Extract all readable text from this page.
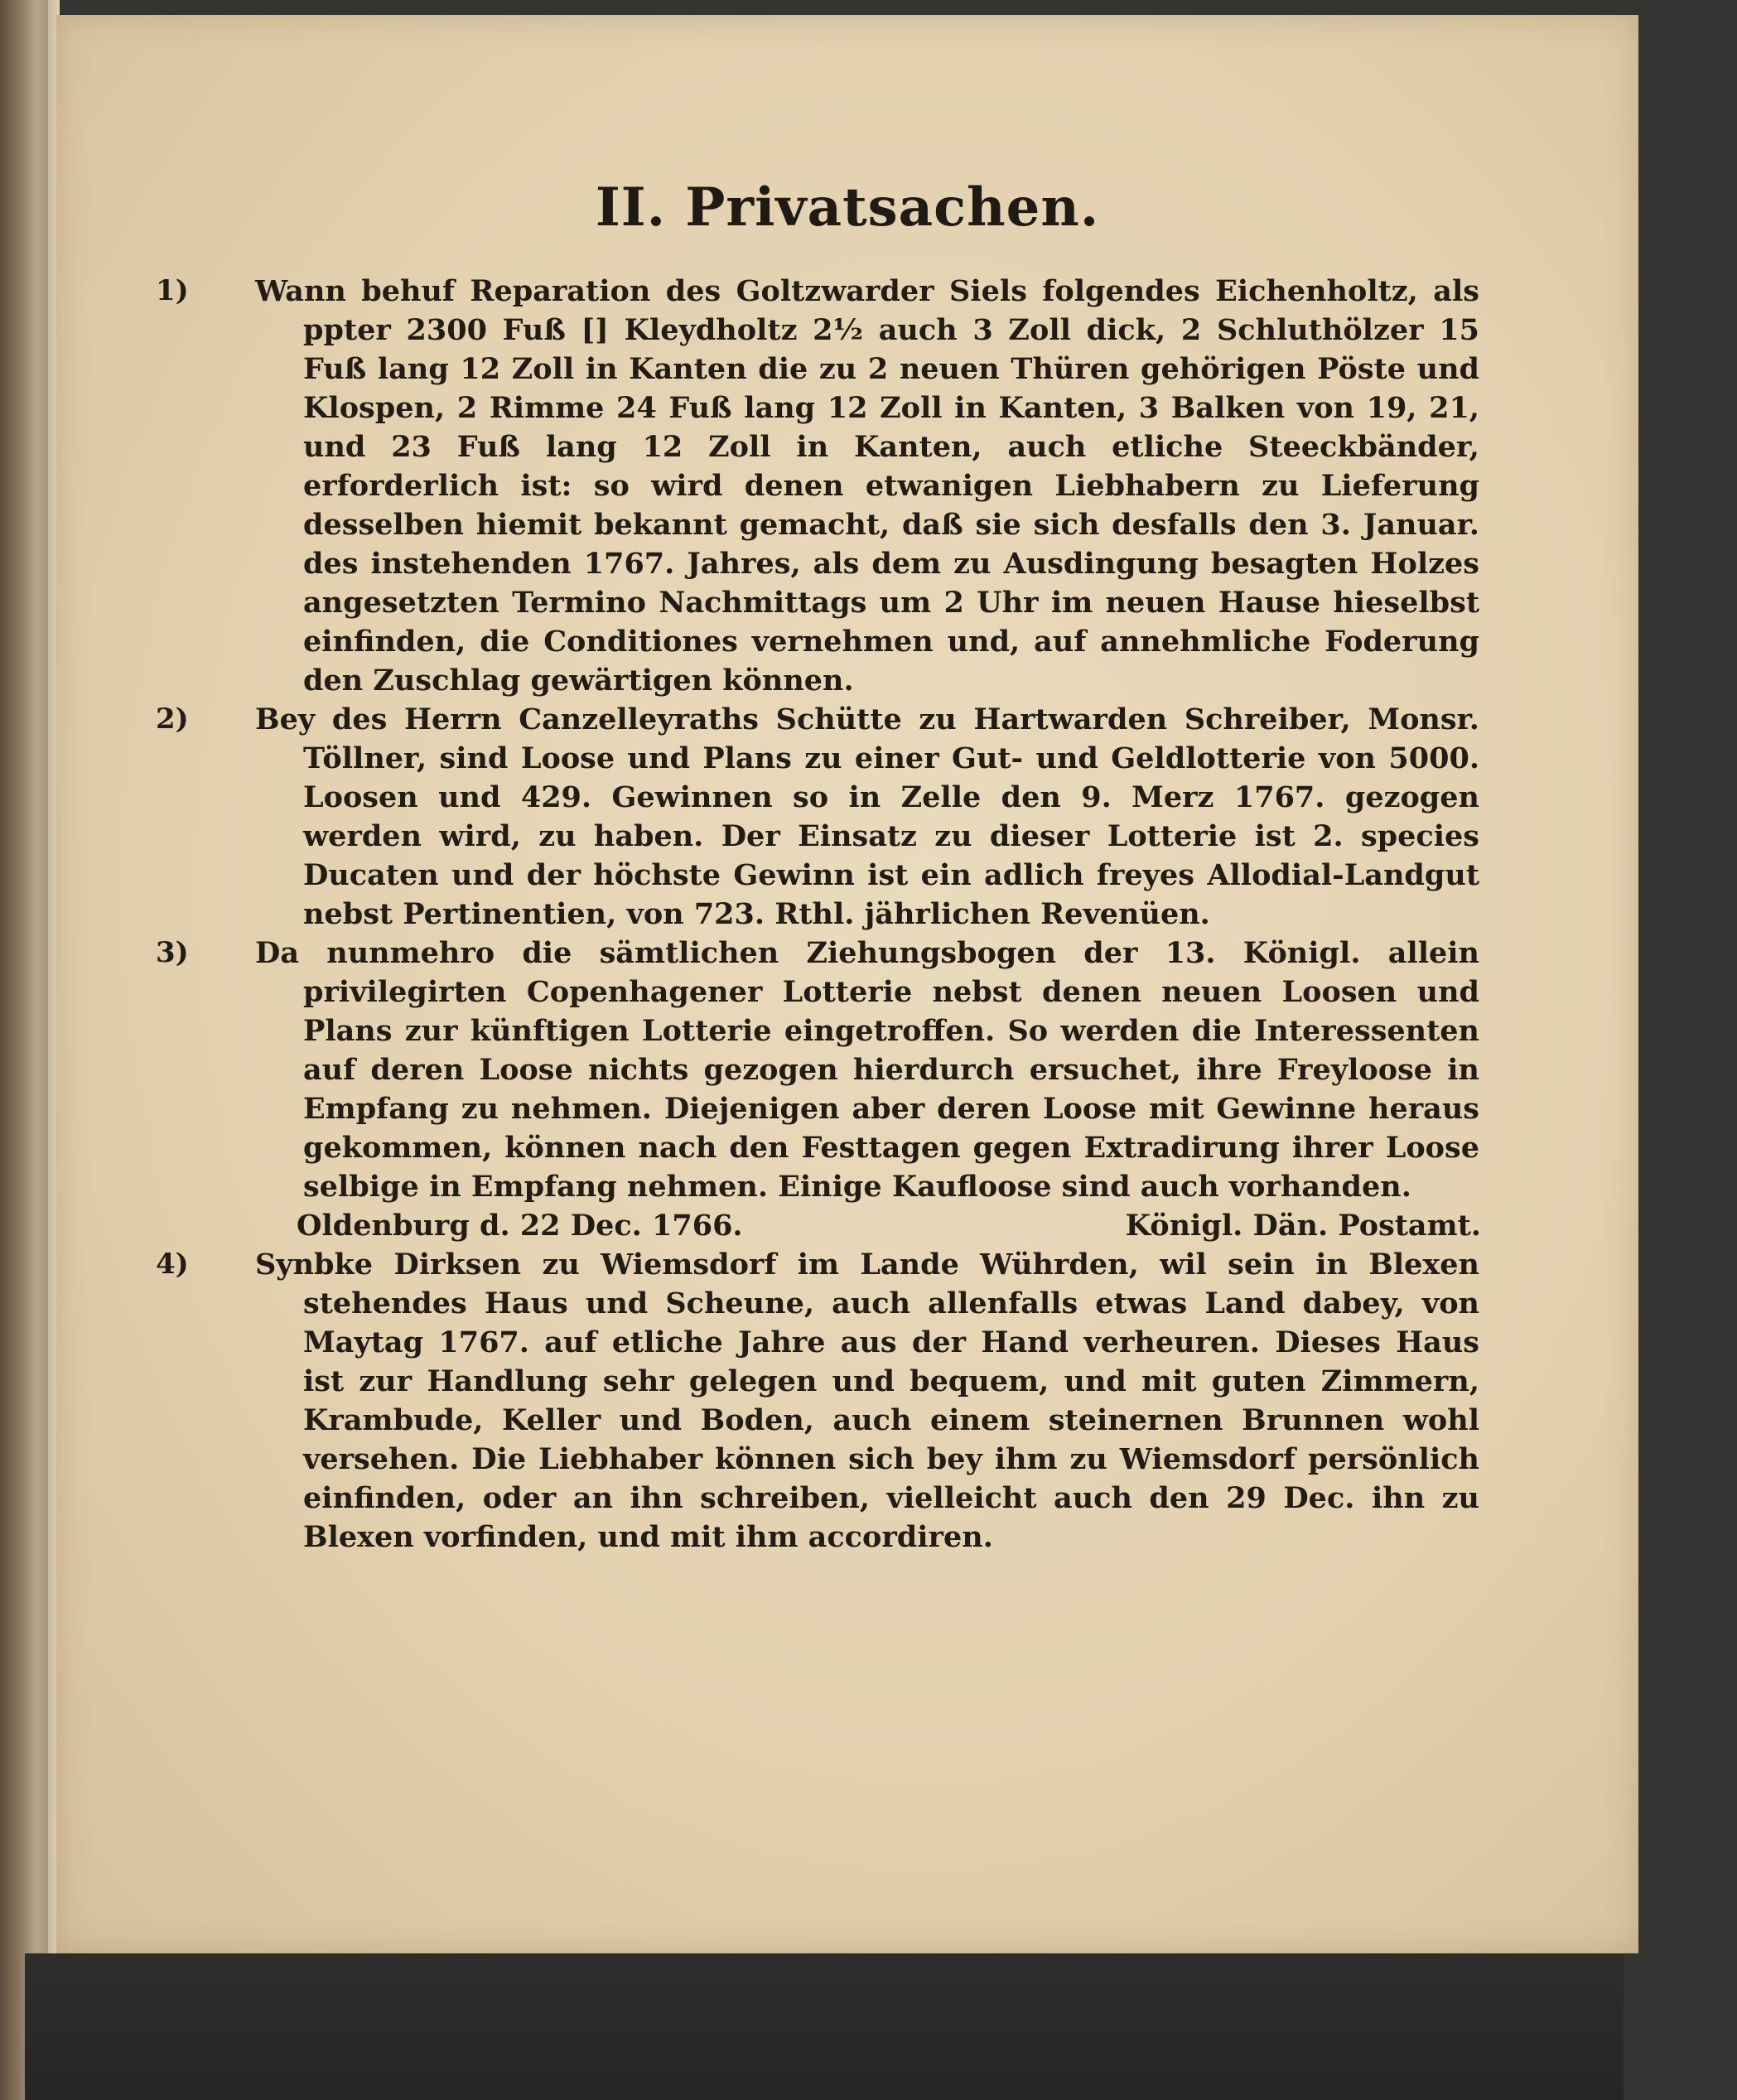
II. Privatsachen.
1)	Wann behuf Reparation des Goltzwarder Siels folgendes Eichenholtz, als ppter 2300 Fuß [] Kleydholtz 2½ auch 3 Zoll dick, 2 Schluthölzer 15 Fuß lang 12 Zoll in Kanten die zu 2 neuen Thüren gehörigen Pöste und Klospen, 2 Rimme 24 Fuß lang 12 Zoll in Kanten, 3 Balken von 19, 21, und 23 Fuß lang 12 Zoll in Kanten, auch etliche Steeckbänder, erforderlich ist: so wird denen etwanigen Liebhabern zu Lieferung desselben hiemit bekannt gemacht, daß sie sich desfalls den 3. Januar. des instehenden 1767. Jahres, als dem zu Ausdingung besagten Holzes angesetzten Termino Nachmittags um 2 Uhr im neuen Hause hieselbst einfinden, die Conditiones vernehmen und, auf annehmliche Foderung den Zuschlag gewärtigen können.
2)	Bey des Herrn Canzelleyraths Schütte zu Hartwarden Schreiber, Monsr. Töllner, sind Loose und Plans zu einer Gut- und Geldlotterie von 5000. Loosen und 429. Gewinnen so in Zelle den 9. Merz 1767. gezogen werden wird, zu haben. Der Einsatz zu dieser Lotterie ist 2. species Ducaten und der höchste Gewinn ist ein adlich freyes Allodial-Landgut nebst Pertinentien, von 723. Rthl. jährlichen Revenüen.
3)	Da nunmehro die sämtlichen Ziehungsbogen der 13. Königl. allein privilegirten Copenhagener Lotterie nebst denen neuen Loosen und Plans zur künftigen Lotterie eingetroffen. So werden die Interessenten auf deren Loose nichts gezogen hierdurch ersuchet, ihre Freyloose in Empfang zu nehmen. Diejenigen aber deren Loose mit Gewinne heraus gekommen, können nach den Festtagen gegen Extradirung ihrer Loose selbige in Empfang nehmen. Einige Kaufloose sind auch vorhanden.
Oldenburg d. 22 Dec. 1766.	Königl. Dän. Postamt.
4)	Synbke Dirksen zu Wiemsdorf im Lande Wührden, wil sein in Blexen stehendes Haus und Scheune, auch allenfalls etwas Land dabey, von Maytag 1767. auf etliche Jahre aus der Hand verheuren. Dieses Haus ist zur Handlung sehr gelegen und bequem, und mit guten Zimmern, Krambude, Keller und Boden, auch einem steinernen Brunnen wohl versehen. Die Liebhaber können sich bey ihm zu Wiemsdorf persönlich einfinden, oder an ihn schreiben, vielleicht auch den 29 Dec. ihn zu Blexen vorfinden, und mit ihm accordiren.
